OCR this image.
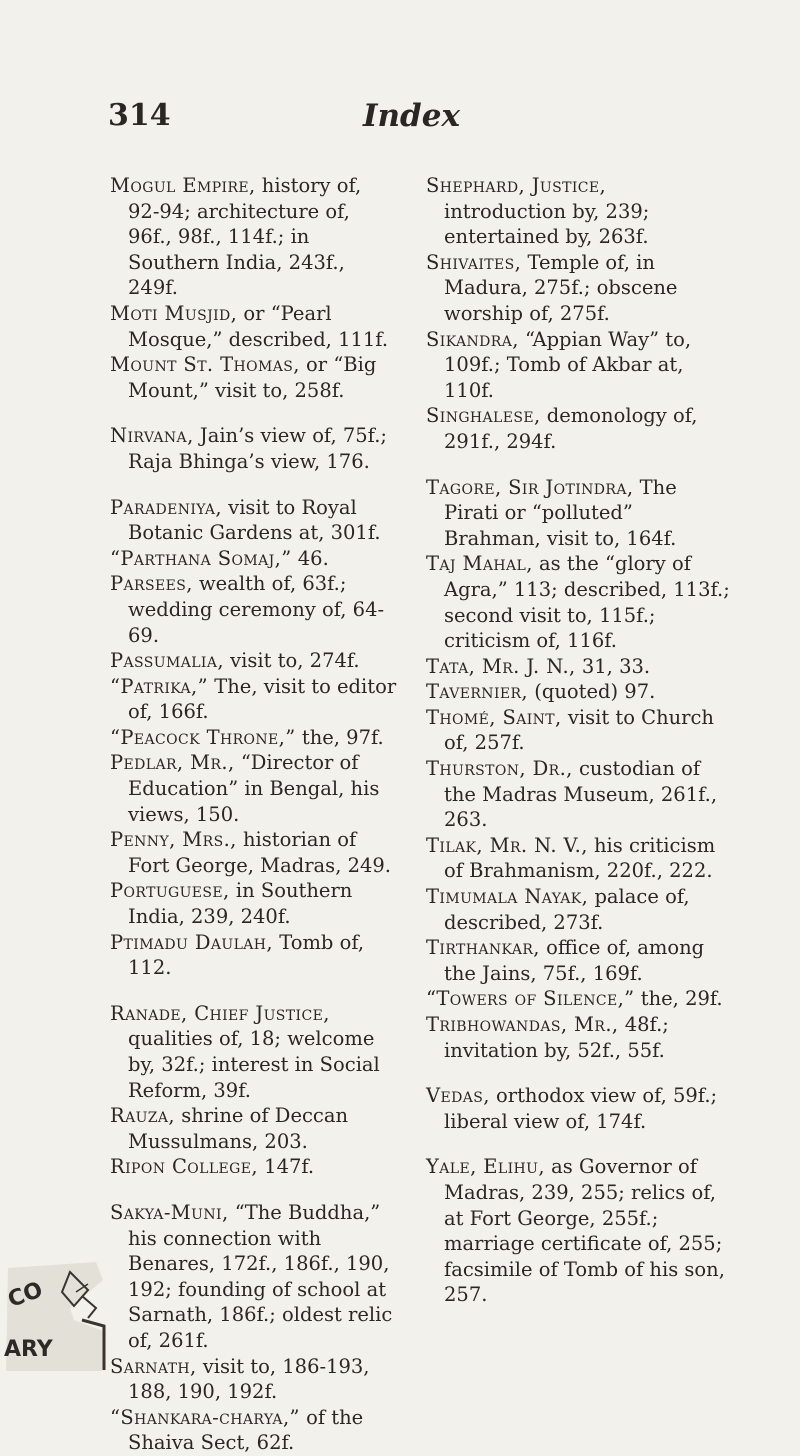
314	Index

Mogul Empire, history of, 92-94; architecture of, 96f., 98f., 114f.; in Southern India, 243f., 249f.

Moti Musjid, or “Pearl Mosque,” described, 111f.

Mount St. Thomas, or “Big Mount,” visit to, 258f.

Nirvana, Jain’s view of, 75f.; Raja Bhinga’s view, 176.

Paradeniya, visit to Royal Botanic Gardens at, 301f.

“Parthana Somaj,” 46.

Parsees, wealth of, 63f.; wedding ceremony of, 64-69.

Passumalia, visit to, 274f.

“Patrika,” The, visit to editor of, 166f.

“Peacock Throne,” the, 97f.

Pedlar, Mr., “Director of Education” in Bengal, his views, 150.

Penny, Mrs., historian of Fort George, Madras, 249.

Portuguese, in Southern India, 239, 240f.

Ptimadu Daulah, Tomb of, 112.

Ranade, Chief Justice, qualities of, 18; welcome by, 32f.; interest in Social Reform, 39f.

Rauza, shrine of Deccan Mussulmans, 203.

Ripon College, 147f.

Sakya-Muni, “The Buddha,” his connection with Benares, 172f., 186f., 190, 192; founding of school at Sarnath, 186f.; oldest relic of, 261f.

Sarnath, visit to, 186-193, 188, 190, 192f.

“Shankara-charya,” of the Shaiva Sect, 62f.

Shephard, Justice, introduction by, 239; entertained by, 263f.

Shivaites, Temple of, in Madura, 275f.; obscene worship of, 275f.

Sikandra, “Appian Way” to, 109f.; Tomb of Akbar at, 110f.

Singhalese, demonology of, 291f., 294f.

Tagore, Sir Jotindra, The Pirati or “polluted” Brahman, visit to, 164f.

Taj Mahal, as the “glory of Agra,” 113; described, 113f.; second visit to, 115f.; criticism of, 116f.

Tata, Mr. J. N., 31, 33.

Tavernier, (quoted) 97.

Thomé, Saint, visit to Church of, 257f.

Thurston, Dr., custodian of the Madras Museum, 261f., 263.

Tilak, Mr. N. V., his criticism of Brahmanism, 220f., 222.

Timumala Nayak, palace of, described, 273f.

Tirthankar, office of, among the Jains, 75f., 169f.

“Towers of Silence,” the, 29f.

Tribhowandas, Mr., 48f.; invitation by, 52f., 55f.

Vedas, orthodox view of, 59f.; liberal view of, 174f.

Yale, Elihu, as Governor of Madras, 239, 255; relics of, at Fort George, 255f.; marriage certificate of, 255; facsimile of Tomb of his son, 257.

CO
ARY
